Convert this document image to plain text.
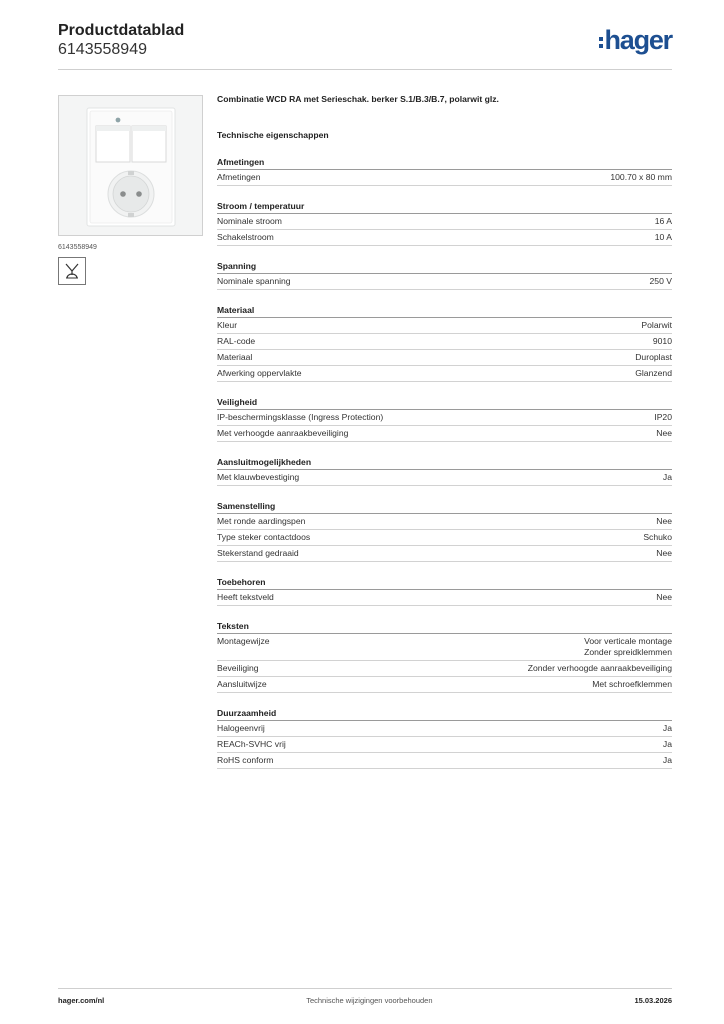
Productdatablad
6143558949	hager
6143558949
Combinatie WCD RA met Serieschak. berker S.1/B.3/B.7, polarwit glz.
Technische eigenschappen
Afmetingen
Afmetingen	100.70 x 80 mm
Stroom / temperatuur
Nominale stroom	16 A
Schakelstroom	10 A
Spanning
Nominale spanning	250 V
Materiaal
Kleur	Polarwit
RAL-code	9010
Materiaal	Duroplast
Afwerking oppervlakte	Glanzend
Veiligheid
IP-beschermingsklasse (Ingress Protection)	IP20
Met verhoogde aanraakbeveiliging	Nee
Aansluitmogelijkheden
Met klauwbevestiging	Ja
Samenstelling
Met ronde aardingspen	Nee
Type steker contactdoos	Schuko
Stekerstand gedraaid	Nee
Toebehoren
Heeft tekstveld	Nee
Teksten
Montagewijze	Voor verticale montage
Zonder spreidklemmen
Beveiliging	Zonder verhoogde aanraakbeveiliging
Aansluitwijze	Met schroefklemmen
Duurzaamheid
Halogeenvrij	Ja
REACh-SVHC vrij	Ja
RoHS conform	Ja
hager.com/nl	Technische wijzigingen voorbehouden	15.03.2026
